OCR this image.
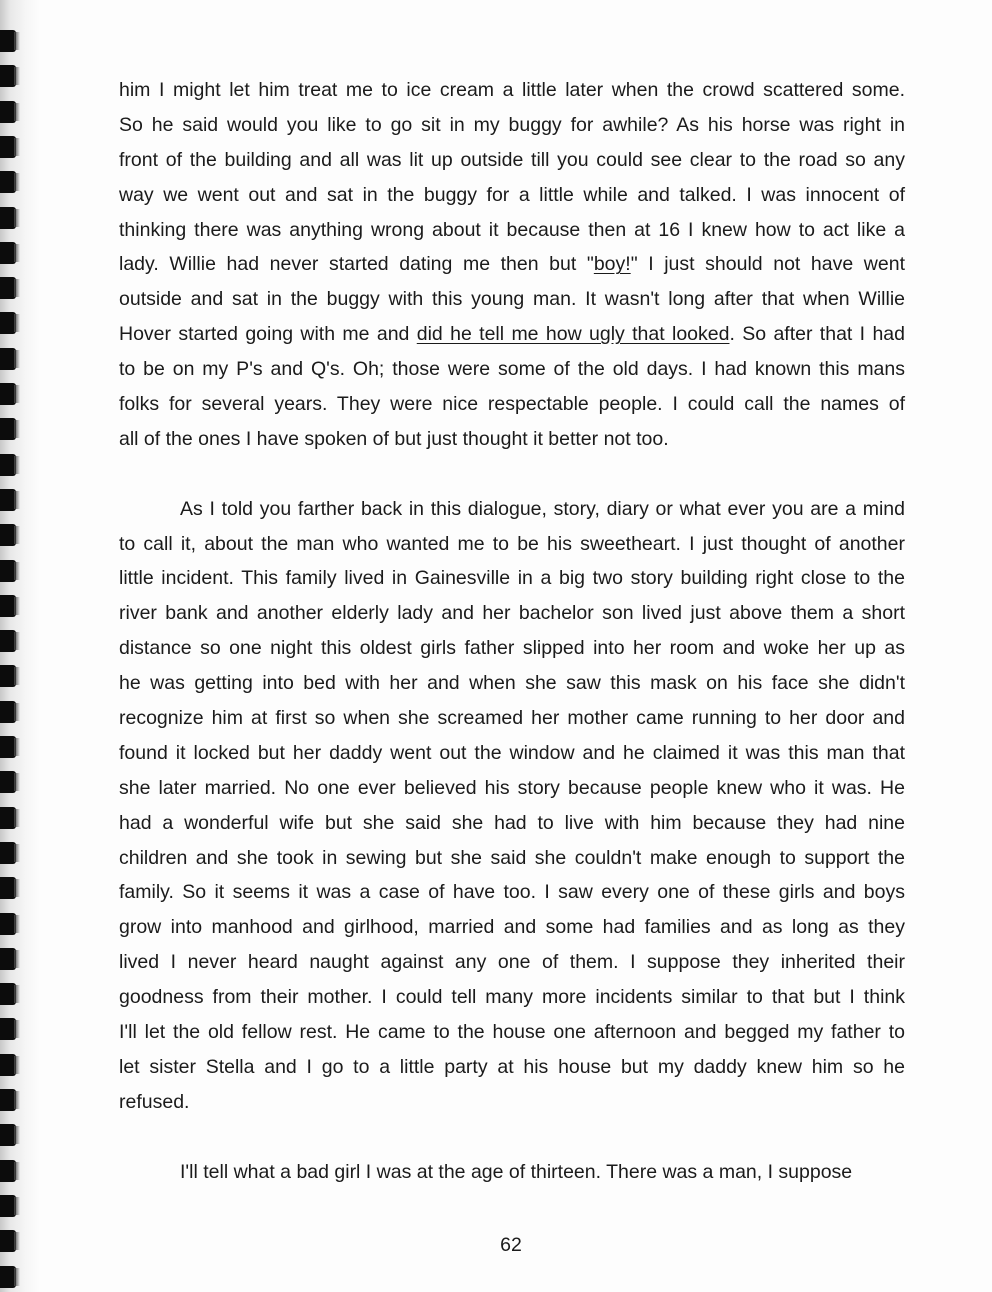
him I might let him treat me to ice cream a little later when the crowd scattered some.
So he said would you like to go sit in my buggy for awhile? As his horse was right in
front of the building and all was lit up outside till you could see clear to the road so any
way we went out and sat in the buggy for a little while and talked. I was innocent of
thinking there was anything wrong about it because then at 16 I knew how to act like a
lady. Willie had never started dating me then but "boy!" I just should not have went
outside and sat in the buggy with this young man. It wasn't long after that when Willie
Hover started going with me and did he tell me how ugly that looked. So after that I had
to be on my P's and Q's. Oh; those were some of the old days. I had known this mans
folks for several years. They were nice respectable people. I could call the names of
all of the ones I have spoken of but just thought it better not too.
As I told you farther back in this dialogue, story, diary or what ever you are a mind
to call it, about the man who wanted me to be his sweetheart. I just thought of another
little incident. This family lived in Gainesville in a big two story building right close to the
river bank and another elderly lady and her bachelor son lived just above them a short
distance so one night this oldest girls father slipped into her room and woke her up as
he was getting into bed with her and when she saw this mask on his face she didn't
recognize him at first so when she screamed her mother came running to her door and
found it locked but her daddy went out the window and he claimed it was this man that
she later married. No one ever believed his story because people knew who it was. He
had a wonderful wife but she said she had to live with him because they had nine
children and she took in sewing but she said she couldn't make enough to support the
family. So it seems it was a case of have too. I saw every one of these girls and boys
grow into manhood and girlhood, married and some had families and as long as they
lived I never heard naught against any one of them. I suppose they inherited their
goodness from their mother. I could tell many more incidents similar to that but I think
I'll let the old fellow rest. He came to the house one afternoon and begged my father to
let sister Stella and I go to a little party at his house but my daddy knew him so he
refused.
I'll tell what a bad girl I was at the age of thirteen. There was a man, I suppose
62
